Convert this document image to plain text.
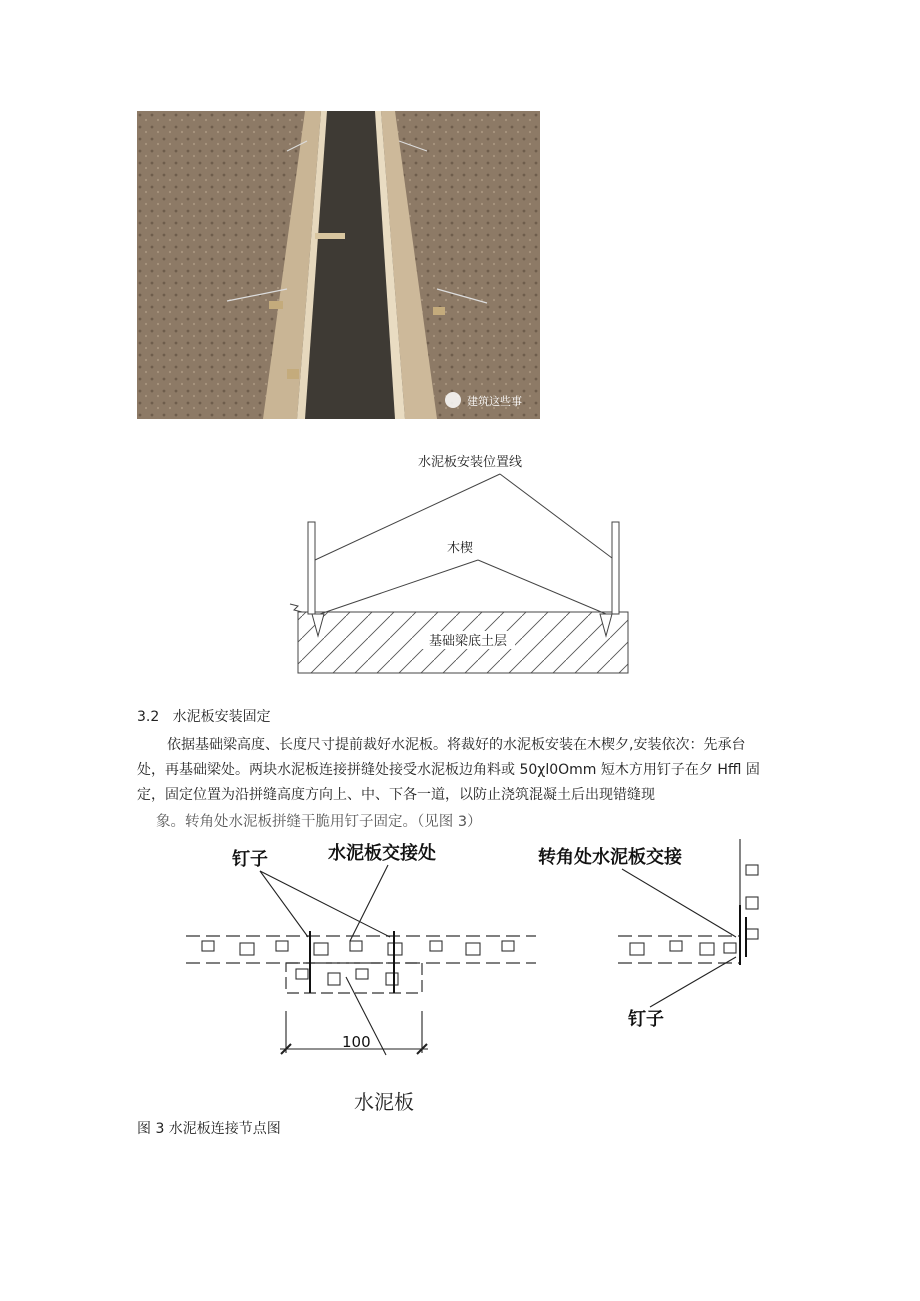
建筑这些事
基础梁底土层
水泥板安装位置线
木楔
3.2   水泥板安装固定

依据基础梁高度、长度尺寸提前裁好水泥板。将裁好的水泥板安装在木楔夕,安装依次：先承台

处，再基础梁处。两块水泥板连接拼缝处接受水泥板边角料或 50χl0Omm 短木方用钉子在夕 Hffl 固

定，固定位置为沿拼缝高度方向上、中、下各一道，以防止浇筑混凝土后出现错缝现

象。转角处水泥板拼缝干脆用钉子固定。（见图 3）
钉子	水泥板交接处	转角处水泥板交接
钉子
100
水泥板
图 3 水泥板连接节点图
